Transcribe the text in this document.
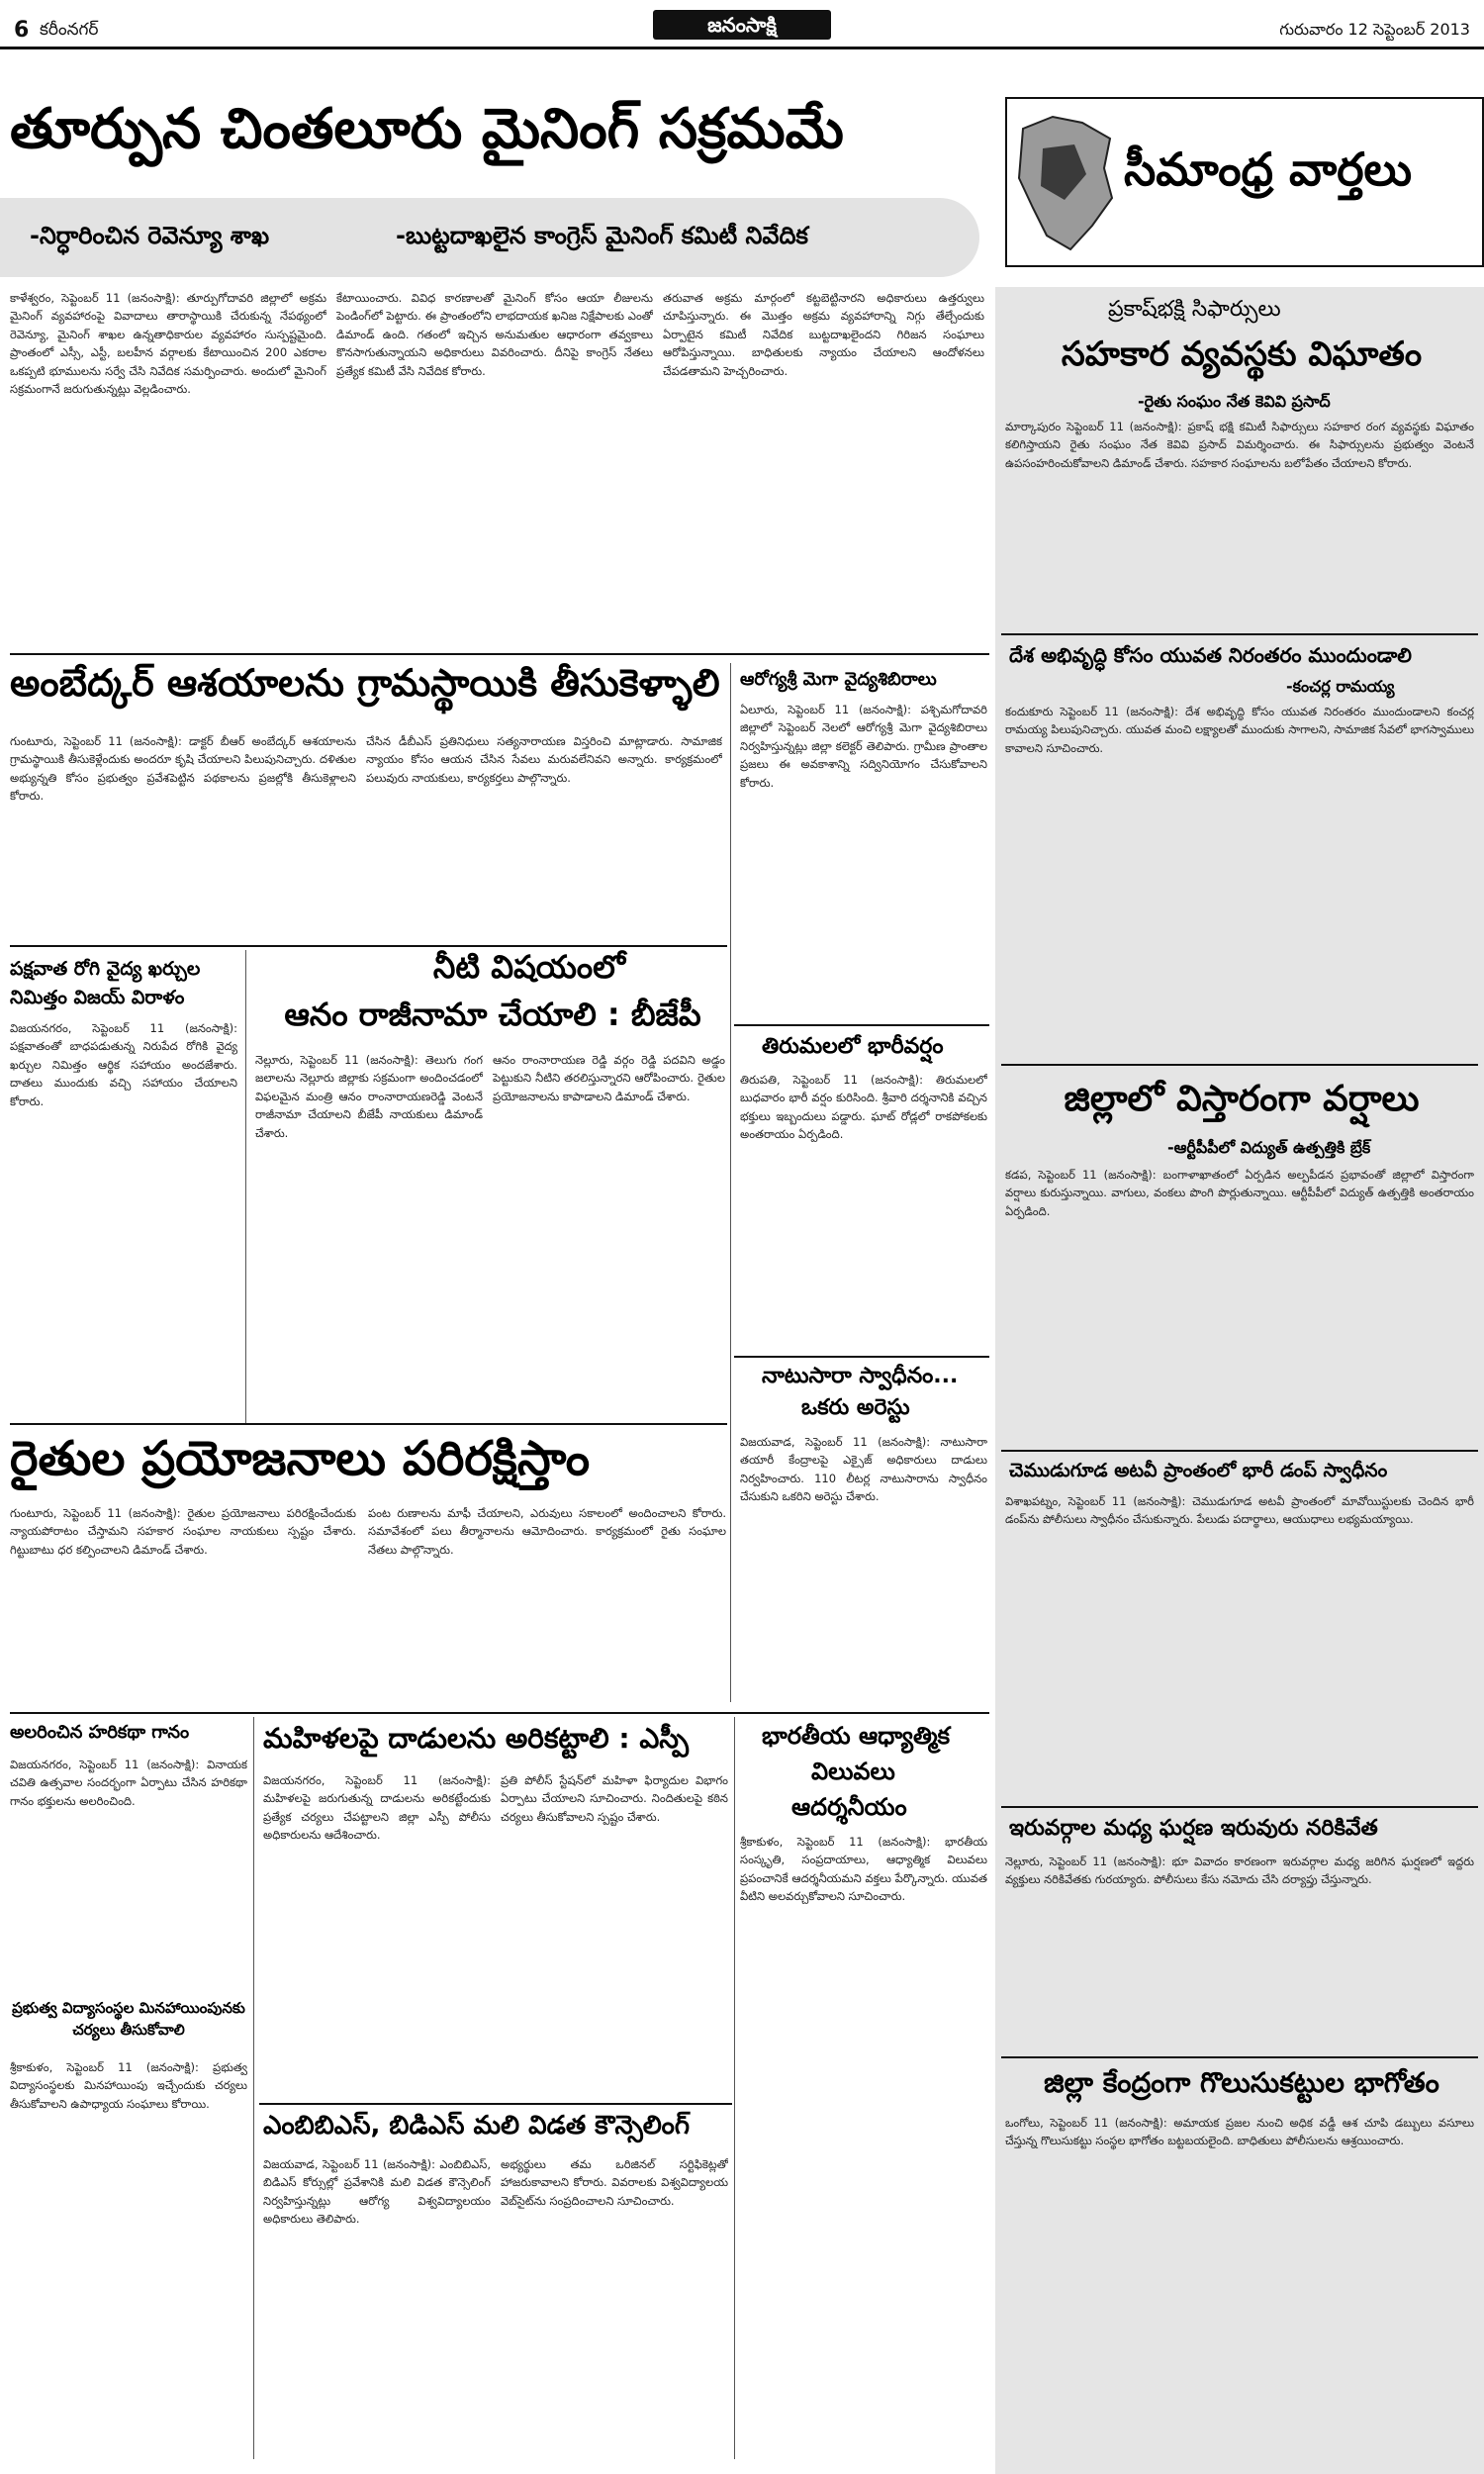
6 కరీంనగర్	జనంసాక్షి	గురువారం 12 సెప్టెంబర్ 2013
తూర్పున చింతలూరు మైనింగ్ సక్రమమే
-నిర్ధారించిన రెవెన్యూ శాఖ	-బుట్టదాఖలైన కాంగ్రెస్ మైనింగ్ కమిటీ నివేదిక

కాళేశ్వరం, సెప్టెంబర్ 11 (జనంసాక్షి): తూర్పుగోదావరి జిల్లాలో అక్రమ మైనింగ్ వ్యవహారంపై వివాదాలు తారాస్థాయికి చేరుకున్న నేపథ్యంలో రెవెన్యూ, మైనింగ్ శాఖల ఉన్నతాధికారుల వ్యవహారం సుస్పష్టమైంది. ప్రాంతంలో ఎస్సీ, ఎస్టీ, బలహీన వర్గాలకు కేటాయించిన 200 ఎకరాల ఒకప్పటి భూములను సర్వే చేసి నివేదిక సమర్పించారు. అందులో మైనింగ్ సక్రమంగానే జరుగుతున్నట్లు వెల్లడించారు.

కేటాయించారు. వివిధ కారణాలతో మైనింగ్ కోసం ఆయా లీజులను పెండింగ్‌లో పెట్టారు. ఈ ప్రాంతంలోని లాభదాయక ఖనిజ నిక్షేపాలకు ఎంతో డిమాండ్ ఉంది. గతంలో ఇచ్చిన అనుమతుల ఆధారంగా తవ్వకాలు కొనసాగుతున్నాయని అధికారులు వివరించారు. దీనిపై కాంగ్రెస్ నేతలు ప్రత్యేక కమిటీ వేసి నివేదిక కోరారు.

తరువాత అక్రమ మార్గంలో కట్టబెట్టినారని అధికారులు ఉత్తర్వులు చూపిస్తున్నారు. ఈ మొత్తం అక్రమ వ్యవహారాన్ని నిగ్గు తేల్చేందుకు ఏర్పాటైన కమిటీ నివేదిక బుట్టదాఖలైందని గిరిజన సంఘాలు ఆరోపిస్తున్నాయి. బాధితులకు న్యాయం చేయాలని ఆందోళనలు చేపడతామని హెచ్చరించారు.

అంబేద్కర్ ఆశయాలను గ్రామస్థాయికి తీసుకెళ్ళాలి

గుంటూరు, సెప్టెంబర్ 11 (జనంసాక్షి): డాక్టర్ బీఆర్ అంబేద్కర్ ఆశయాలను గ్రామస్థాయికి తీసుకెళ్లేందుకు అందరూ కృషి చేయాలని పిలుపునిచ్చారు. దళితుల అభ్యున్నతి కోసం ప్రభుత్వం ప్రవేశపెట్టిన పథకాలను ప్రజల్లోకి తీసుకెళ్లాలని కోరారు.

చేసిన డీబీఎస్ ప్రతినిధులు సత్యనారాయణ విస్తరించి మాట్లాడారు. సామాజిక న్యాయం కోసం ఆయన చేసిన సేవలు మరువలేనివని అన్నారు. కార్యక్రమంలో పలువురు నాయకులు, కార్యకర్తలు పాల్గొన్నారు.

ఆరోగ్యశ్రీ మెగా వైద్యశిబిరాలు

ఏలూరు, సెప్టెంబర్ 11 (జనంసాక్షి): పశ్చిమగోదావరి జిల్లాలో సెప్టెంబర్ నెలలో ఆరోగ్యశ్రీ మెగా వైద్యశిబిరాలు నిర్వహిస్తున్నట్లు జిల్లా కలెక్టర్ తెలిపారు. గ్రామీణ ప్రాంతాల ప్రజలు ఈ అవకాశాన్ని సద్వినియోగం చేసుకోవాలని కోరారు.

పక్షవాత రోగి వైద్య ఖర్చుల నిమిత్తం విజయ్ విరాళం

విజయనగరం, సెప్టెంబర్ 11 (జనంసాక్షి): పక్షవాతంతో బాధపడుతున్న నిరుపేద రోగికి వైద్య ఖర్చుల నిమిత్తం ఆర్థిక సహాయం అందజేశారు. దాతలు ముందుకు వచ్చి సహాయం చేయాలని కోరారు.

నీటి విషయంలో
ఆనం రాజీనామా చేయాలి : బీజేపీ

నెల్లూరు, సెప్టెంబర్ 11 (జనంసాక్షి): తెలుగు గంగ జలాలను నెల్లూరు జిల్లాకు సక్రమంగా అందించడంలో విఫలమైన మంత్రి ఆనం రాంనారాయణరెడ్డి వెంటనే రాజీనామా చేయాలని బీజేపీ నాయకులు డిమాండ్ చేశారు.

ఆనం రాంనారాయణ రెడ్డి వర్గం రెడ్డి పదవిని అడ్డం పెట్టుకుని నీటిని తరలిస్తున్నారని ఆరోపించారు. రైతుల ప్రయోజనాలను కాపాడాలని డిమాండ్ చేశారు.

తిరుమలలో భారీవర్షం

తిరుపతి, సెప్టెంబర్ 11 (జనంసాక్షి): తిరుమలలో బుధవారం భారీ వర్షం కురిసింది. శ్రీవారి దర్శనానికి వచ్చిన భక్తులు ఇబ్బందులు పడ్డారు. ఘాట్ రోడ్లలో రాకపోకలకు అంతరాయం ఏర్పడింది.

నాటుసారా స్వాధీనం...
ఒకరు అరెస్టు

విజయవాడ, సెప్టెంబర్ 11 (జనంసాక్షి): నాటుసారా తయారీ కేంద్రాలపై ఎక్సైజ్ అధికారులు దాడులు నిర్వహించారు. 110 లీటర్ల నాటుసారాను స్వాధీనం చేసుకుని ఒకరిని అరెస్టు చేశారు.

రైతుల ప్రయోజనాలు పరిరక్షిస్తాం

గుంటూరు, సెప్టెంబర్ 11 (జనంసాక్షి): రైతుల ప్రయోజనాలు పరిరక్షించేందుకు న్యాయపోరాటం చేస్తామని సహకార సంఘాల నాయకులు స్పష్టం చేశారు. గిట్టుబాటు ధర కల్పించాలని డిమాండ్ చేశారు.

పంట రుణాలను మాఫీ చేయాలని, ఎరువులు సకాలంలో అందించాలని కోరారు. సమావేశంలో పలు తీర్మానాలను ఆమోదించారు. కార్యక్రమంలో రైతు సంఘాల నేతలు పాల్గొన్నారు.

భారతీయ ఆధ్యాత్మిక
విలువలు
ఆదర్శనీయం

శ్రీకాకుళం, సెప్టెంబర్ 11 (జనంసాక్షి): భారతీయ సంస్కృతి, సంప్రదాయాలు, ఆధ్యాత్మిక విలువలు ప్రపంచానికే ఆదర్శనీయమని వక్తలు పేర్కొన్నారు. యువత వీటిని అలవర్చుకోవాలని సూచించారు.

అలరించిన హరికథా గానం

విజయనగరం, సెప్టెంబర్ 11 (జనంసాక్షి): వినాయక చవితి ఉత్సవాల సందర్భంగా ఏర్పాటు చేసిన హరికథా గానం భక్తులను అలరించింది.

ప్రభుత్వ విద్యాసంస్థల మినహాయింపునకు చర్యలు తీసుకోవాలి

శ్రీకాకుళం, సెప్టెంబర్ 11 (జనంసాక్షి): ప్రభుత్వ విద్యాసంస్థలకు మినహాయింపు ఇచ్చేందుకు చర్యలు తీసుకోవాలని ఉపాధ్యాయ సంఘాలు కోరాయి.

మహిళలపై దాడులను అరికట్టాలి : ఎస్పీ

విజయనగరం, సెప్టెంబర్ 11 (జనంసాక్షి): మహిళలపై జరుగుతున్న దాడులను అరికట్టేందుకు ప్రత్యేక చర్యలు చేపట్టాలని జిల్లా ఎస్పీ పోలీసు అధికారులను ఆదేశించారు.

ప్రతి పోలీస్ స్టేషన్‌లో మహిళా ఫిర్యాదుల విభాగం ఏర్పాటు చేయాలని సూచించారు. నిందితులపై కఠిన చర్యలు తీసుకోవాలని స్పష్టం చేశారు.

ఎంబిబిఎస్, బిడిఎస్ మలి విడత కౌన్సెలింగ్

విజయవాడ, సెప్టెంబర్ 11 (జనంసాక్షి): ఎంబిబిఎస్, బిడిఎస్ కోర్సుల్లో ప్రవేశానికి మలి విడత కౌన్సెలింగ్ నిర్వహిస్తున్నట్లు ఆరోగ్య విశ్వవిద్యాలయం అధికారులు తెలిపారు.

అభ్యర్థులు తమ ఒరిజినల్ సర్టిఫికెట్లతో హాజరుకావాలని కోరారు. వివరాలకు విశ్వవిద్యాలయ వెబ్‌సైట్‌ను సంప్రదించాలని సూచించారు.

సీమాంధ్ర వార్తలు
ప్రకాష్‌భక్షి సిఫార్సులు
సహకార వ్యవస్థకు విఘాతం
-రైతు సంఘం నేత కెవివి ప్రసాద్

మార్కాపురం సెప్టెంబర్ 11 (జనంసాక్షి): ప్రకాష్ భక్షి కమిటీ సిఫార్సులు సహకార రంగ వ్యవస్థకు విఘాతం కలిగిస్తాయని రైతు సంఘం నేత కెవివి ప్రసాద్ విమర్శించారు. ఈ సిఫార్సులను ప్రభుత్వం వెంటనే ఉపసంహరించుకోవాలని డిమాండ్ చేశారు. సహకార సంఘాలను బలోపేతం చేయాలని కోరారు.

దేశ అభివృద్ధి కోసం యువత నిరంతరం ముందుండాలి
-కంచర్ల రామయ్య

కందుకూరు సెప్టెంబర్ 11 (జనంసాక్షి): దేశ అభివృద్ధి కోసం యువత నిరంతరం ముందుండాలని కంచర్ల రామయ్య పిలుపునిచ్చారు. యువత మంచి లక్ష్యాలతో ముందుకు సాగాలని, సామాజిక సేవలో భాగస్వాములు కావాలని సూచించారు.

జిల్లాలో విస్తారంగా వర్షాలు
-ఆర్టీపీపీలో విద్యుత్ ఉత్పత్తికి బ్రేక్

కడప, సెప్టెంబర్ 11 (జనంసాక్షి): బంగాళాఖాతంలో ఏర్పడిన అల్పపీడన ప్రభావంతో జిల్లాలో విస్తారంగా వర్షాలు కురుస్తున్నాయి. వాగులు, వంకలు పొంగి పొర్లుతున్నాయి. ఆర్టీపీపీలో విద్యుత్ ఉత్పత్తికి అంతరాయం ఏర్పడింది.

చెముడుగూడ అటవీ ప్రాంతంలో భారీ డంప్ స్వాధీనం

విశాఖపట్నం, సెప్టెంబర్ 11 (జనంసాక్షి): చెముడుగూడ అటవీ ప్రాంతంలో మావోయిస్టులకు చెందిన భారీ డంప్‌ను పోలీసులు స్వాధీనం చేసుకున్నారు. పేలుడు పదార్థాలు, ఆయుధాలు లభ్యమయ్యాయి.

ఇరువర్గాల మధ్య ఘర్షణ ఇరువురు నరికివేత

నెల్లూరు, సెప్టెంబర్ 11 (జనంసాక్షి): భూ వివాదం కారణంగా ఇరువర్గాల మధ్య జరిగిన ఘర్షణలో ఇద్దరు వ్యక్తులు నరికివేతకు గురయ్యారు. పోలీసులు కేసు నమోదు చేసి దర్యాప్తు చేస్తున్నారు.

జిల్లా కేంద్రంగా గొలుసుకట్టుల భాగోతం

ఒంగోలు, సెప్టెంబర్ 11 (జనంసాక్షి): అమాయక ప్రజల నుంచి అధిక వడ్డీ ఆశ చూపి డబ్బులు వసూలు చేస్తున్న గొలుసుకట్టు సంస్థల భాగోతం బట్టబయలైంది. బాధితులు పోలీసులను ఆశ్రయించారు.
